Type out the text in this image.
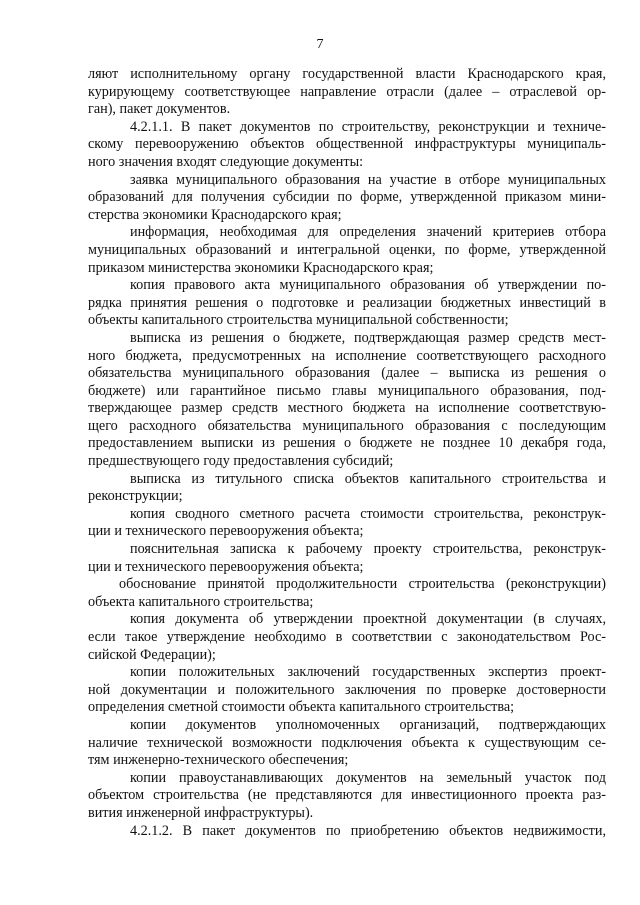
7
ляют исполнительному органу государственной власти Краснодарского края,
курирующему соответствующее направление отрасли (далее – отраслевой ор-
ган), пакет документов.
4.2.1.1. В пакет документов по строительству, реконструкции и техниче-
скому перевооружению объектов общественной инфраструктуры муниципаль-
ного значения входят следующие документы:
заявка муниципального образования на участие в отборе муниципальных
образований для получения субсидии по форме, утвержденной приказом мини-
стерства экономики Краснодарского края;
информация, необходимая для определения значений критериев отбора
муниципальных образований и интегральной оценки, по форме, утвержденной
приказом министерства экономики Краснодарского края;
копия правового акта муниципального образования об утверждении по-
рядка принятия решения о подготовке и реализации бюджетных инвестиций в
объекты капитального строительства муниципальной собственности;
выписка из решения о бюджете, подтверждающая размер средств мест-
ного бюджета, предусмотренных на исполнение соответствующего расходного
обязательства муниципального образования (далее – выписка из решения о
бюджете) или гарантийное письмо главы муниципального образования, под-
тверждающее размер средств местного бюджета на исполнение соответствую-
щего расходного обязательства муниципального образования с последующим
предоставлением выписки из решения о бюджете не позднее 10 декабря года,
предшествующего году предоставления субсидий;
выписка из титульного списка объектов капитального строительства и
реконструкции;
копия сводного сметного расчета стоимости строительства, реконструк-
ции и технического перевооружения объекта;
пояснительная записка к рабочему проекту строительства, реконструк-
ции и технического перевооружения объекта;
обоснование принятой продолжительности строительства (реконструкции)
объекта капитального строительства;
копия документа об утверждении проектной документации (в случаях,
если такое утверждение необходимо в соответствии с законодательством Рос-
сийской Федерации);
копии положительных заключений государственных экспертиз проект-
ной документации и положительного заключения по проверке достоверности
определения сметной стоимости объекта капитального строительства;
копии документов уполномоченных организаций, подтверждающих
наличие технической возможности подключения объекта к существующим се-
тям инженерно-технического обеспечения;
копии правоустанавливающих документов на земельный участок под
объектом строительства (не представляются для инвестиционного проекта раз-
вития инженерной инфраструктуры).
4.2.1.2. В пакет документов по приобретению объектов недвижимости,
